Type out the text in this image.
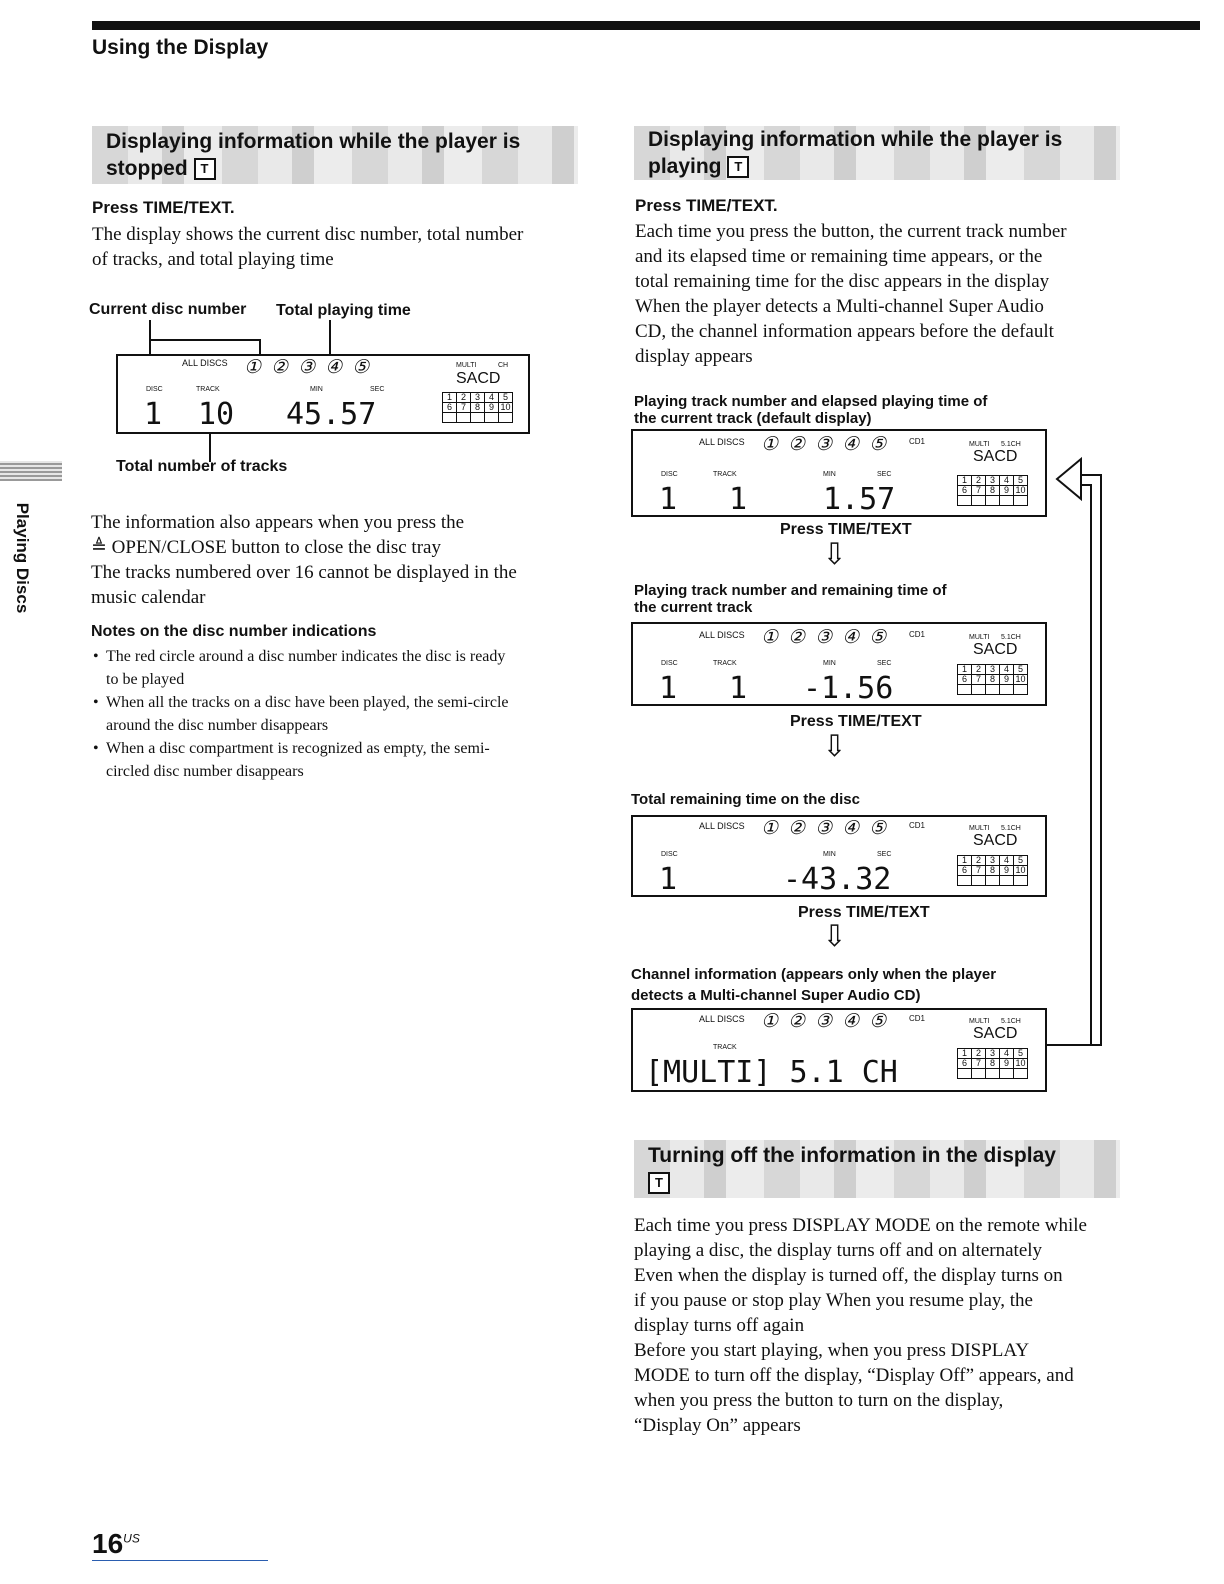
Using the Display
Playing Discs
Displaying information while the player is stopped T
Press TIME/TEXT.
The display shows the current disc number, total number
of tracks, and total playing time
Current disc number Total playing time
ALL DISCS ①②③④⑤	MULTI	CH
SACD
DISC	TRACK	MIN	SEC
1 10 45.57	1	2	3	4	5
6	7	8	9	10

Total number of tracks
The information also appears when you press the
≜ OPEN/CLOSE button to close the disc tray
The tracks numbered over 16 cannot be displayed in the
music calendar
Notes on the disc number indications
• The red circle around a disc number indicates the disc is ready
to be played
• When all the tracks on a disc have been played, the semi-circle
around the disc number disappears
• When a disc compartment is recognized as empty, the semi-
circled disc number disappears
Displaying information while the player is playing T
Press TIME/TEXT.
Each time you press the button, the current track number
and its elapsed time or remaining time appears, or the
total remaining time for the disc appears in the display
When the player detects a Multi-channel Super Audio
CD, the channel information appears before the default
display appears
Playing track number and elapsed playing time of
the current track (default display)
ALL DISCS ①②③④⑤ CD1	MULTI 5.1CH
SACD
DISC	TRACK	MIN	SEC
1 1	1.57
1	2	3	4	5
6	7	8	9	10

Press TIME/TEXT
⇩
Playing track number and remaining time of
the current track
ALL DISCS ①②③④⑤ CD1	MULTI 5.1CH
SACD
DISC	TRACK	MIN	SEC
1 1 -1.56
1	2	3	4	5
6	7	8	9	10

Press TIME/TEXT
⇩
Total remaining time on the disc
ALL DISCS ①②③④⑤ CD1	MULTI 5.1CH
SACD
DISC	MIN	SEC
1	-43.32
1	2	3	4	5
6	7	8	9	10

Press TIME/TEXT
⇩
Channel information (appears only when the player
detects a Multi-channel Super Audio CD)
ALL DISCS ①②③④⑤ CD1	MULTI 5.1CH
SACD
TRACK
[MULTI] 5.1 CH
1	2	3	4	5
6	7	8	9	10

Turning off the information in the display
T
Each time you press DISPLAY MODE on the remote while
playing a disc, the display turns off and on alternately
Even when the display is turned off, the display turns on
if you pause or stop play When you resume play, the
display turns off again
Before you start playing, when you press DISPLAY
MODE to turn off the display, “Display Off” appears, and
when you press the button to turn on the display,
“Display On” appears
$16^{US}$
